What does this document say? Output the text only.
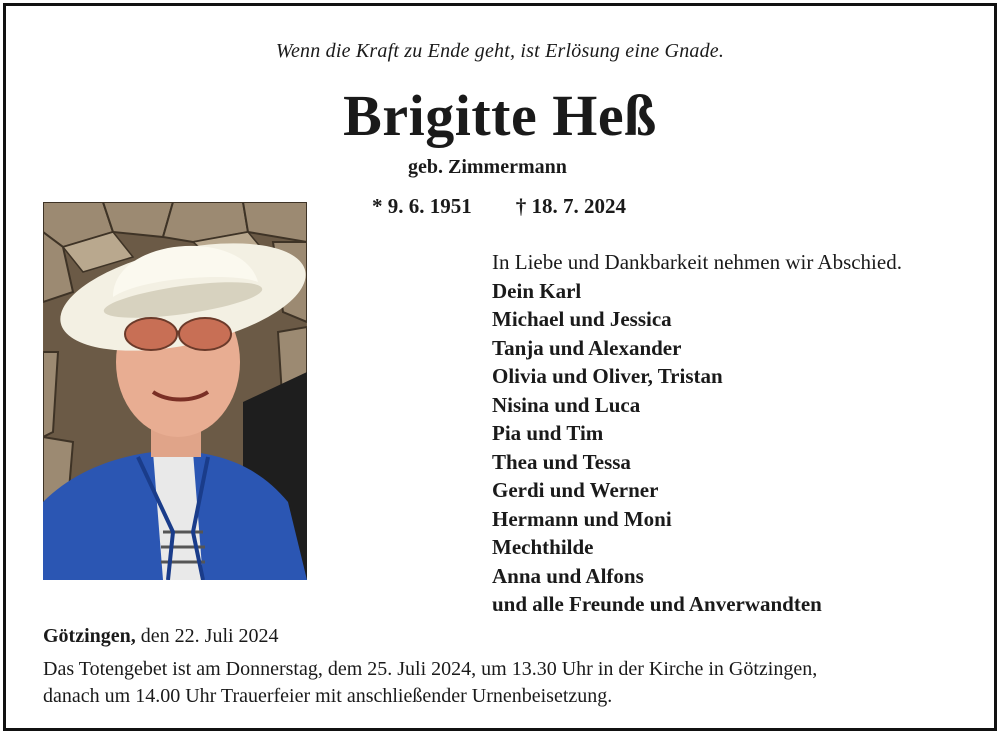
Wenn die Kraft zu Ende geht, ist Erlösung eine Gnade.
Brigitte Heß
geb. Zimmermann
* 9. 6. 1951 † 18. 7. 2024
In Liebe und Dankbarkeit nehmen wir Abschied.
Dein Karl
Michael und Jessica
Tanja und Alexander
Olivia und Oliver, Tristan
Nisina und Luca
Pia und Tim
Thea und Tessa
Gerdi und Werner
Hermann und Moni
Mechthilde
Anna und Alfons
und alle Freunde und Anverwandten
Götzingen, den 22. Juli 2024
Das Totengebet ist am Donnerstag, dem 25. Juli 2024, um 13.30 Uhr in der Kirche in Götzingen,
danach um 14.00 Uhr Trauerfeier mit anschließender Urnenbeisetzung.
